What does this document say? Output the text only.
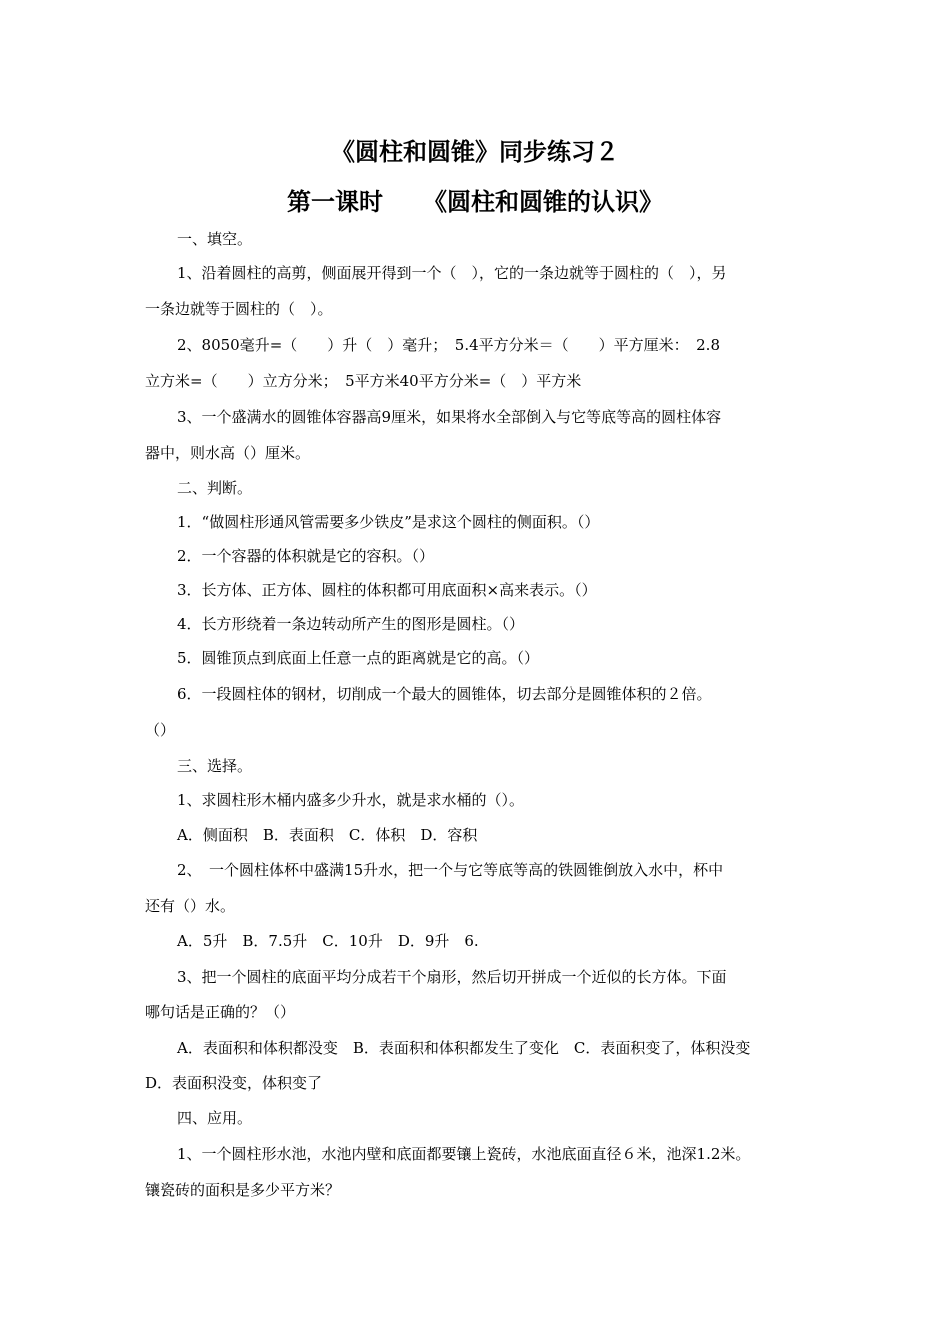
《圆柱和圆锥》同步练习２
第一课时 《圆柱和圆锥的认识》
一、填空。
1、沿着圆柱的高剪，侧面展开得到一个（　），它的一条边就等于圆柱的（　），另
一条边就等于圆柱的（　）。
2、8050毫升=（　　）升（　）毫升；　5.4平方分米＝（　　）平方厘米：　2.8
立方米=（　　）立方分米；　5平方米40平方分米=（　）平方米
3、一个盛满水的圆锥体容器高9厘米，如果将水全部倒入与它等底等高的圆柱体容
器中，则水高（）厘米。
二、判断。
1．“做圆柱形通风管需要多少铁皮”是求这个圆柱的侧面积。（）
2．一个容器的体积就是它的容积。（）
3．长方体、正方体、圆柱的体积都可用底面积×高来表示。（）
4．长方形绕着一条边转动所产生的图形是圆柱。（）
5．圆锥顶点到底面上任意一点的距离就是它的高。（）
6．一段圆柱体的钢材，切削成一个最大的圆锥体，切去部分是圆锥体积的２倍。
（）
三、选择。
1、求圆柱形木桶内盛多少升水，就是求水桶的（）。
A．侧面积　B．表面积　C．体积　D．容积
2、　一个圆柱体杯中盛满15升水，把一个与它等底等高的铁圆锥倒放入水中，杯中
还有（）水。
A．5升　B．7.5升　C．10升　D．9升　6.
3、把一个圆柱的底面平均分成若干个扇形，然后切开拼成一个近似的长方体。下面
哪句话是正确的？（）
A．表面积和体积都没变　B．表面积和体积都发生了变化　C．表面积变了，体积没变
D．表面积没变，体积变了
四、应用。
1、一个圆柱形水池，水池内壁和底面都要镶上瓷砖，水池底面直径６米，池深1.2米。
镶瓷砖的面积是多少平方米？
